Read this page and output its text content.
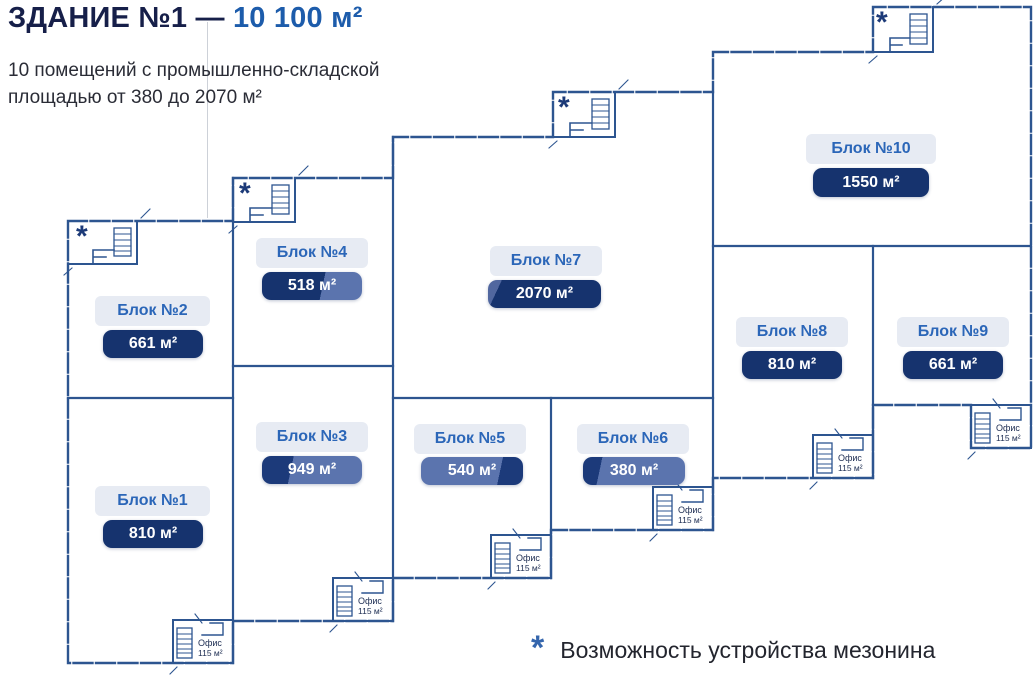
ЗДАНИЕ №1 — 10 100 м²
10 помещений с промышленно-складской
площадью от 380 до 2070 м²
*
*
*
*
Блок №2
661 м²
Блок №1
810 м²
Блок №4
518 м²
Блок №3
949 м²
Блок №7
2070 м²
Блок №5
540 м²
Блок №6
380 м²
Блок №10
1550 м²
Блок №8
810 м²
Блок №9
661 м²
Офис
115 м²
Офис
115 м²
Офис
115 м²
Офис
115 м²
Офис
115 м²
Офис
115 м²
* Возможность устройства мезонина
